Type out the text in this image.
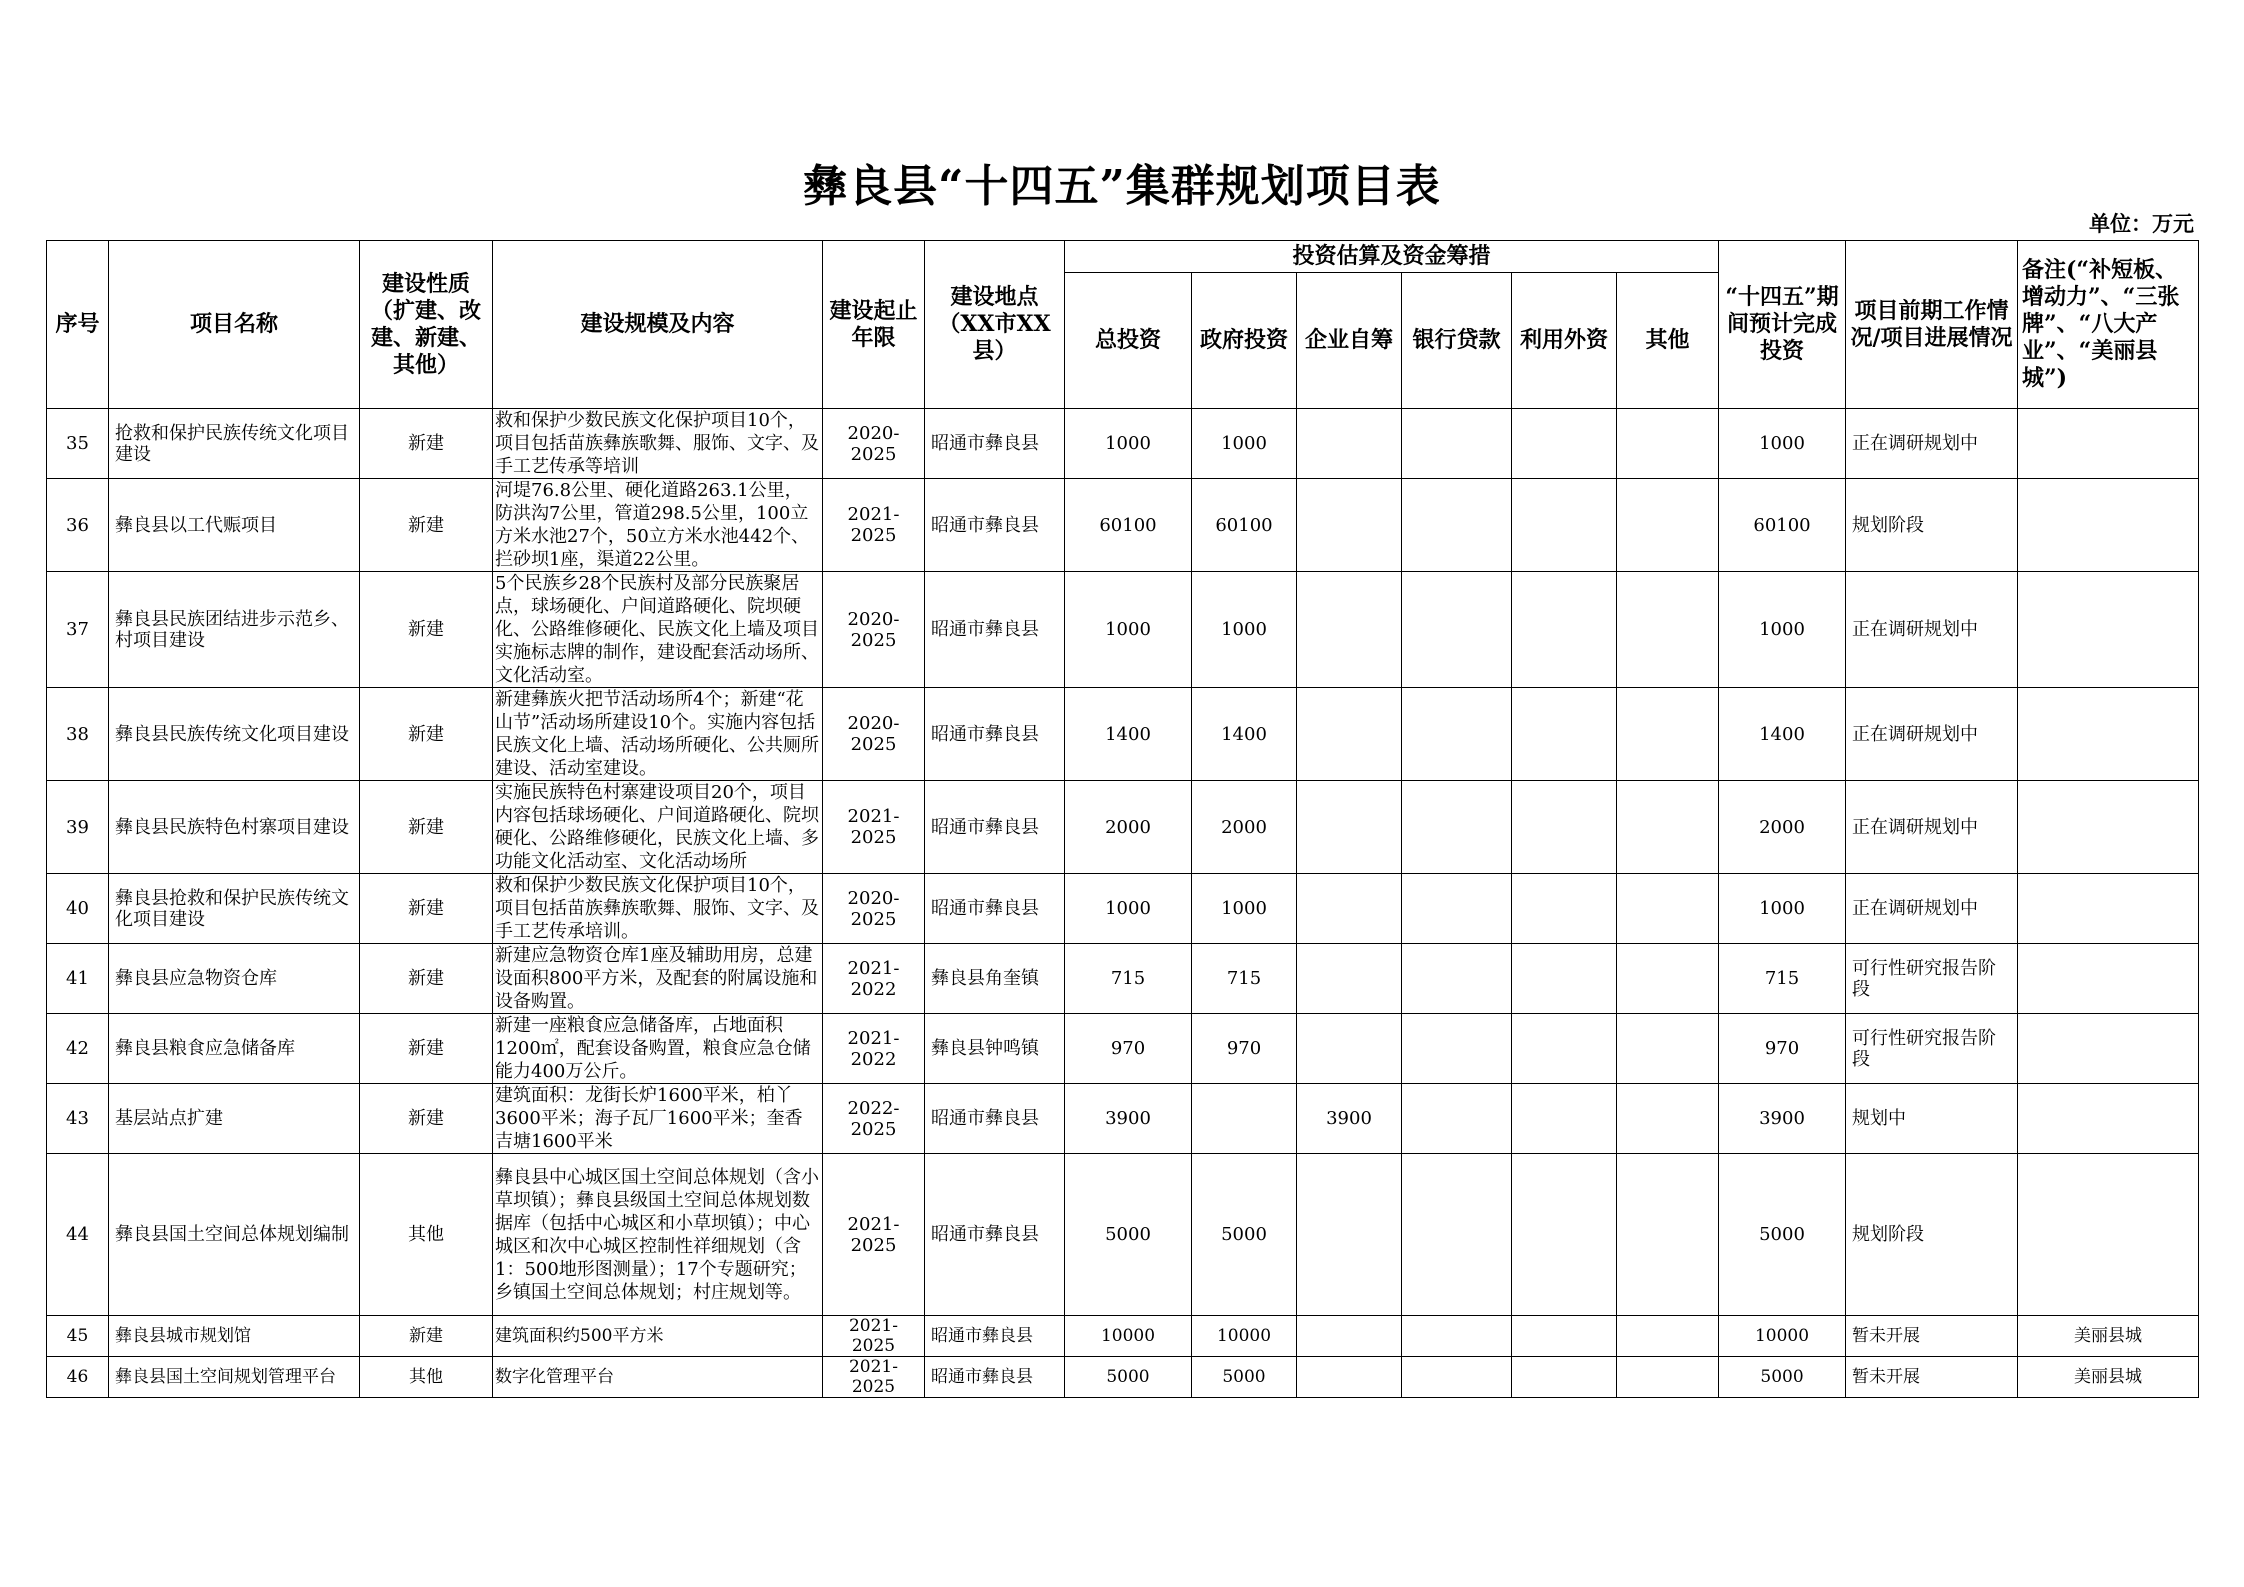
彝良县“十四五”集群规划项目表
单位：万元
序号	项目名称	建设性质（扩建、改建、新建、其他）	建设规模及内容	建设起止年限	建设地点（XX市XX县）	投资估算及资金筹措						“十四五”期间预计完成投资	项目前期工作情况/项目进展情况	备注(“补短板、增动力”、“三张牌”、“八大产业”、“美丽县城”)
						总投资	政府投资	企业自筹	银行贷款	利用外资	其他			
35	抢救和保护民族传统文化项目建设	新建	救和保护少数民族文化保护项目10个，项目包括苗族彝族歌舞、服饰、文字、及手工艺传承等培训	2020-2025	昭通市彝良县	1000	1000					1000	正在调研规划中	
36	彝良县以工代赈项目	新建	河堤76.8公里、硬化道路263.1公里，防洪沟7公里，管道298.5公里，100立方米水池27个，50立方米水池442个、拦砂坝1座，渠道22公里。	2021-2025	昭通市彝良县	60100	60100					60100	规划阶段	
37	彝良县民族团结进步示范乡、村项目建设	新建	5个民族乡28个民族村及部分民族聚居点，球场硬化、户间道路硬化、院坝硬化、公路维修硬化、民族文化上墙及项目实施标志牌的制作，建设配套活动场所、文化活动室。	2020-2025	昭通市彝良县	1000	1000					1000	正在调研规划中	
38	彝良县民族传统文化项目建设	新建	新建彝族火把节活动场所4个；新建“花山节”活动场所建设10个。实施内容包括民族文化上墙、活动场所硬化、公共厕所建设、活动室建设。	2020-2025	昭通市彝良县	1400	1400					1400	正在调研规划中	
39	彝良县民族特色村寨项目建设	新建	实施民族特色村寨建设项目20个，项目内容包括球场硬化、户间道路硬化、院坝硬化、公路维修硬化，民族文化上墙、多功能文化活动室、文化活动场所	2021-2025	昭通市彝良县	2000	2000					2000	正在调研规划中	
40	彝良县抢救和保护民族传统文化项目建设	新建	救和保护少数民族文化保护项目10个，项目包括苗族彝族歌舞、服饰、文字、及手工艺传承培训。	2020-2025	昭通市彝良县	1000	1000					1000	正在调研规划中	
41	彝良县应急物资仓库	新建	新建应急物资仓库1座及辅助用房，总建设面积800平方米，及配套的附属设施和设备购置。	2021-2022	彝良县角奎镇	715	715					715	可行性研究报告阶段	
42	彝良县粮食应急储备库	新建	新建一座粮食应急储备库，占地面积1200㎡，配套设备购置，粮食应急仓储能力400万公斤。	2021-2022	彝良县钟鸣镇	970	970					970	可行性研究报告阶段	
43	基层站点扩建	新建	建筑面积：龙街长炉1600平米，柏丫3600平米；海子瓦厂1600平米；奎香吉塘1600平米	2022-2025	昭通市彝良县	3900		3900				3900	规划中	
44	彝良县国土空间总体规划编制	其他	彝良县中心城区国土空间总体规划（含小草坝镇）；彝良县级国土空间总体规划数据库（包括中心城区和小草坝镇）；中心城区和次中心城区控制性祥细规划（含1：500地形图测量）；17个专题研究；乡镇国土空间总体规划；村庄规划等。	2021-2025	昭通市彝良县	5000	5000					5000	规划阶段	
45	彝良县城市规划馆	新建	建筑面积约500平方米	2021-2025	昭通市彝良县	10000	10000					10000	暂未开展	美丽县城
46	彝良县国土空间规划管理平台	其他	数字化管理平台	2021-2025	昭通市彝良县	5000	5000					5000	暂未开展	美丽县城
